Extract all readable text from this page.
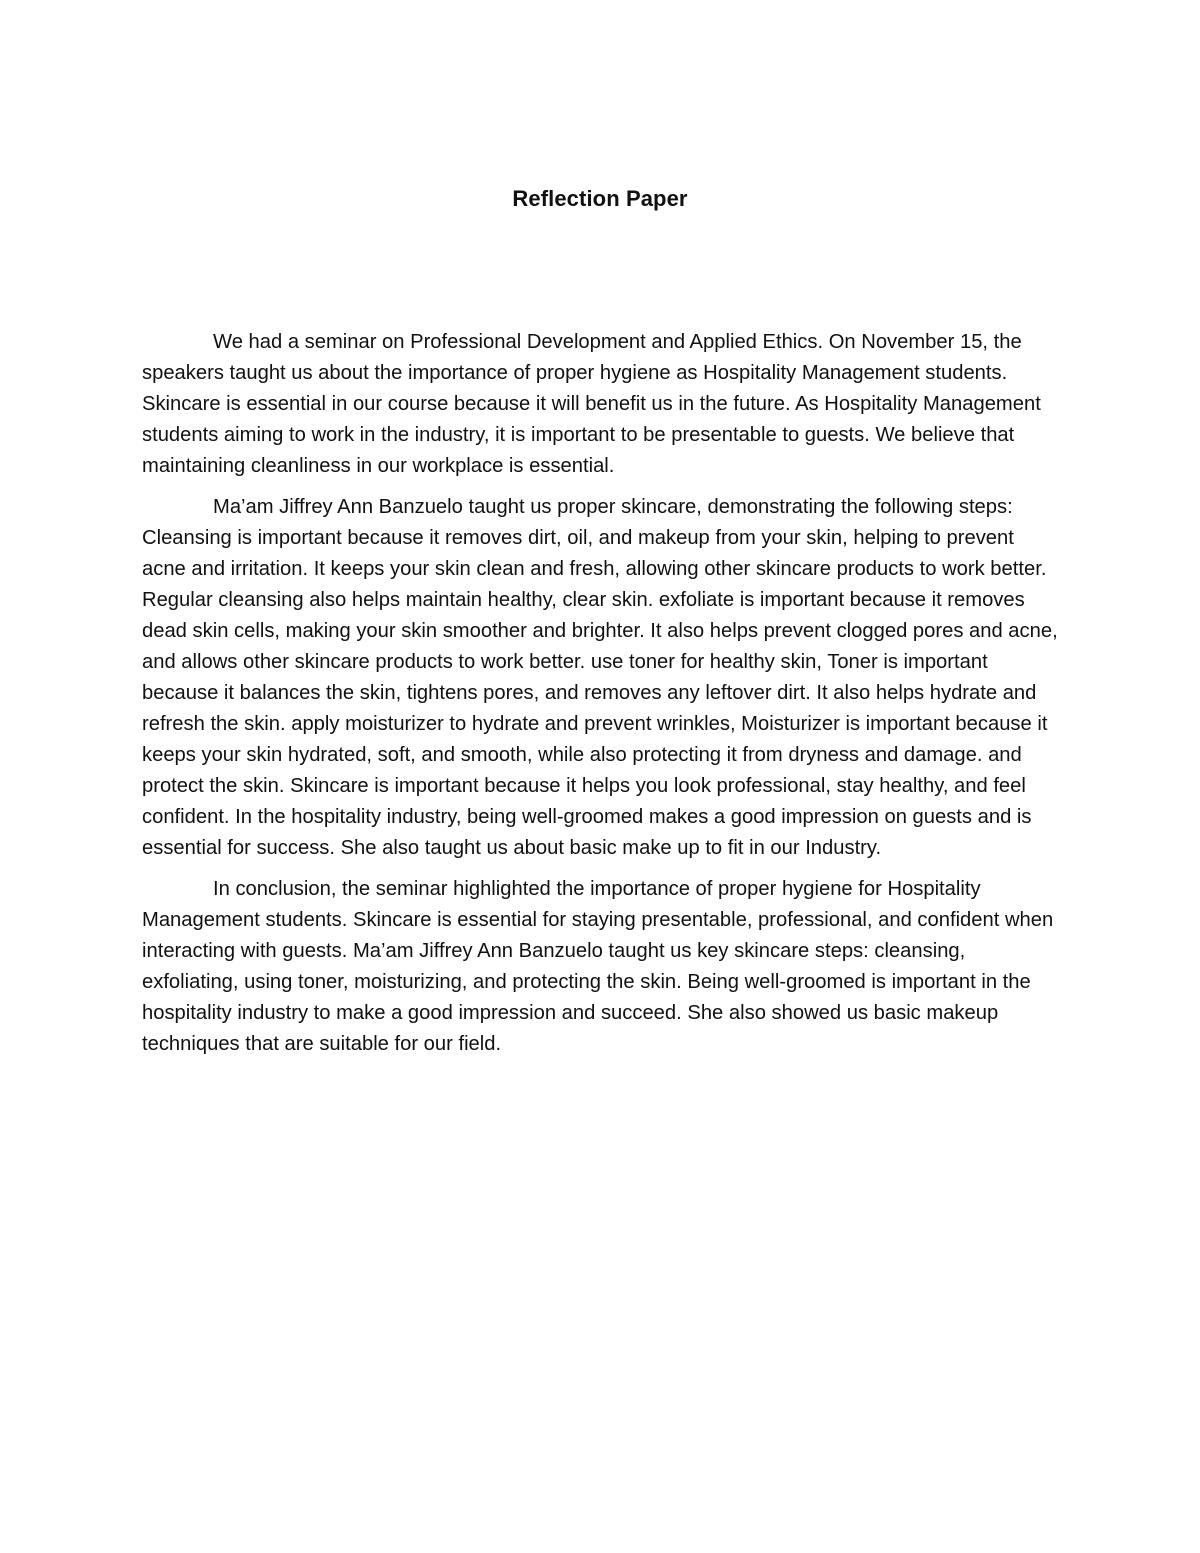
Reflection Paper

We had a seminar on Professional Development and Applied Ethics. On November 15, the speakers taught us about the importance of proper hygiene as Hospitality Management students. Skincare is essential in our course because it will benefit us in the future. As Hospitality Management students aiming to work in the industry, it is important to be presentable to guests. We believe that maintaining cleanliness in our workplace is essential.

Ma’am Jiffrey Ann Banzuelo taught us proper skincare, demonstrating the following steps: Cleansing is important because it removes dirt, oil, and makeup from your skin, helping to prevent acne and irritation. It keeps your skin clean and fresh, allowing other skincare products to work better. Regular cleansing also helps maintain healthy, clear skin. exfoliate is important because it removes dead skin cells, making your skin smoother and brighter. It also helps prevent clogged pores and acne, and allows other skincare products to work better. use toner for healthy skin, Toner is important because it balances the skin, tightens pores, and removes any leftover dirt. It also helps hydrate and refresh the skin. apply moisturizer to hydrate and prevent wrinkles, Moisturizer is important because it keeps your skin hydrated, soft, and smooth, while also protecting it from dryness and damage. and protect the skin. Skincare is important because it helps you look professional, stay healthy, and feel confident. In the hospitality industry, being well-groomed makes a good impression on guests and is essential for success. She also taught us about basic make up to fit in our Industry.

In conclusion, the seminar highlighted the importance of proper hygiene for Hospitality Management students. Skincare is essential for staying presentable, professional, and confident when interacting with guests. Ma’am Jiffrey Ann Banzuelo taught us key skincare steps: cleansing, exfoliating, using toner, moisturizing, and protecting the skin. Being well-groomed is important in the hospitality industry to make a good impression and succeed. She also showed us basic makeup techniques that are suitable for our field.
